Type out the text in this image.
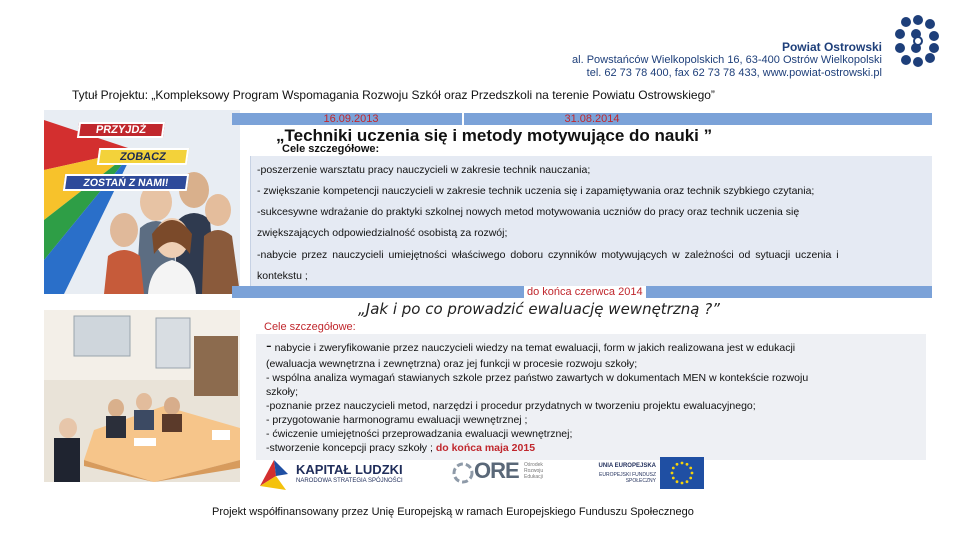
Powiat Ostrowski
al. Powstańców Wielkopolskich 16, 63-400 Ostrów Wielkopolski
tel. 62 73 78 400, fax 62 73 78 433, www.powiat-ostrowski.pl
Tytuł Projektu: „Kompleksowy Program Wspomagania Rozwoju Szkół oraz Przedszkoli na terenie Powiatu Ostrowskiego”
PRZYJDŹ
ZOBACZ
ZOSTAŃ Z NAMI!
16.09.2013	31.08.2014
„Techniki uczenia się i metody motywujące do nauki ”
Cele szczegółowe:
-poszerzenie warsztatu pracy nauczycieli w zakresie technik nauczania;
- zwiększanie kompetencji nauczycieli w zakresie technik uczenia się i zapamiętywania oraz technik szybkiego czytania;
-sukcesywne wdrażanie do praktyki szkolnej nowych metod motywowania uczniów do pracy oraz technik uczenia się
zwiększających odpowiedzialność osobistą za rozwój;
-nabycie przez nauczycieli umiejętności właściwego doboru czynników motywujących w zależności od sytuacji uczenia i
kontekstu ;
do końca czerwca 2014
„Jak i po co prowadzić ewaluację wewnętrzną ?”
Cele szczegółowe:
- nabycie i zweryfikowanie przez nauczycieli wiedzy na temat ewaluacji, form w jakich realizowana jest w edukacji
(ewaluacja wewnętrzna i zewnętrzna) oraz jej funkcji w procesie rozwoju szkoły;
- wspólna analiza wymagań stawianych szkole przez państwo zawartych w dokumentach MEN w kontekście rozwoju
szkoły;
-poznanie przez nauczycieli metod, narzędzi i procedur przydatnych w tworzeniu projektu ewaluacyjnego;
- przygotowanie harmonogramu ewaluacji wewnętrznej ;
- ćwiczenie umiejętności przeprowadzania ewaluacji wewnętrznej;
-stworzenie koncepcji pracy szkoły ; do końca maja 2015
KAPITAŁ LUDZKI
NARODOWA STRATEGIA SPÓJNOŚCI	ORE Ośrodek Rozwoju Edukacji
UNIA EUROPEJSKA
EUROPEJSKI FUNDUSZ SPOŁECZNY
Projekt współfinansowany przez Unię Europejską w ramach Europejskiego Funduszu Społecznego
